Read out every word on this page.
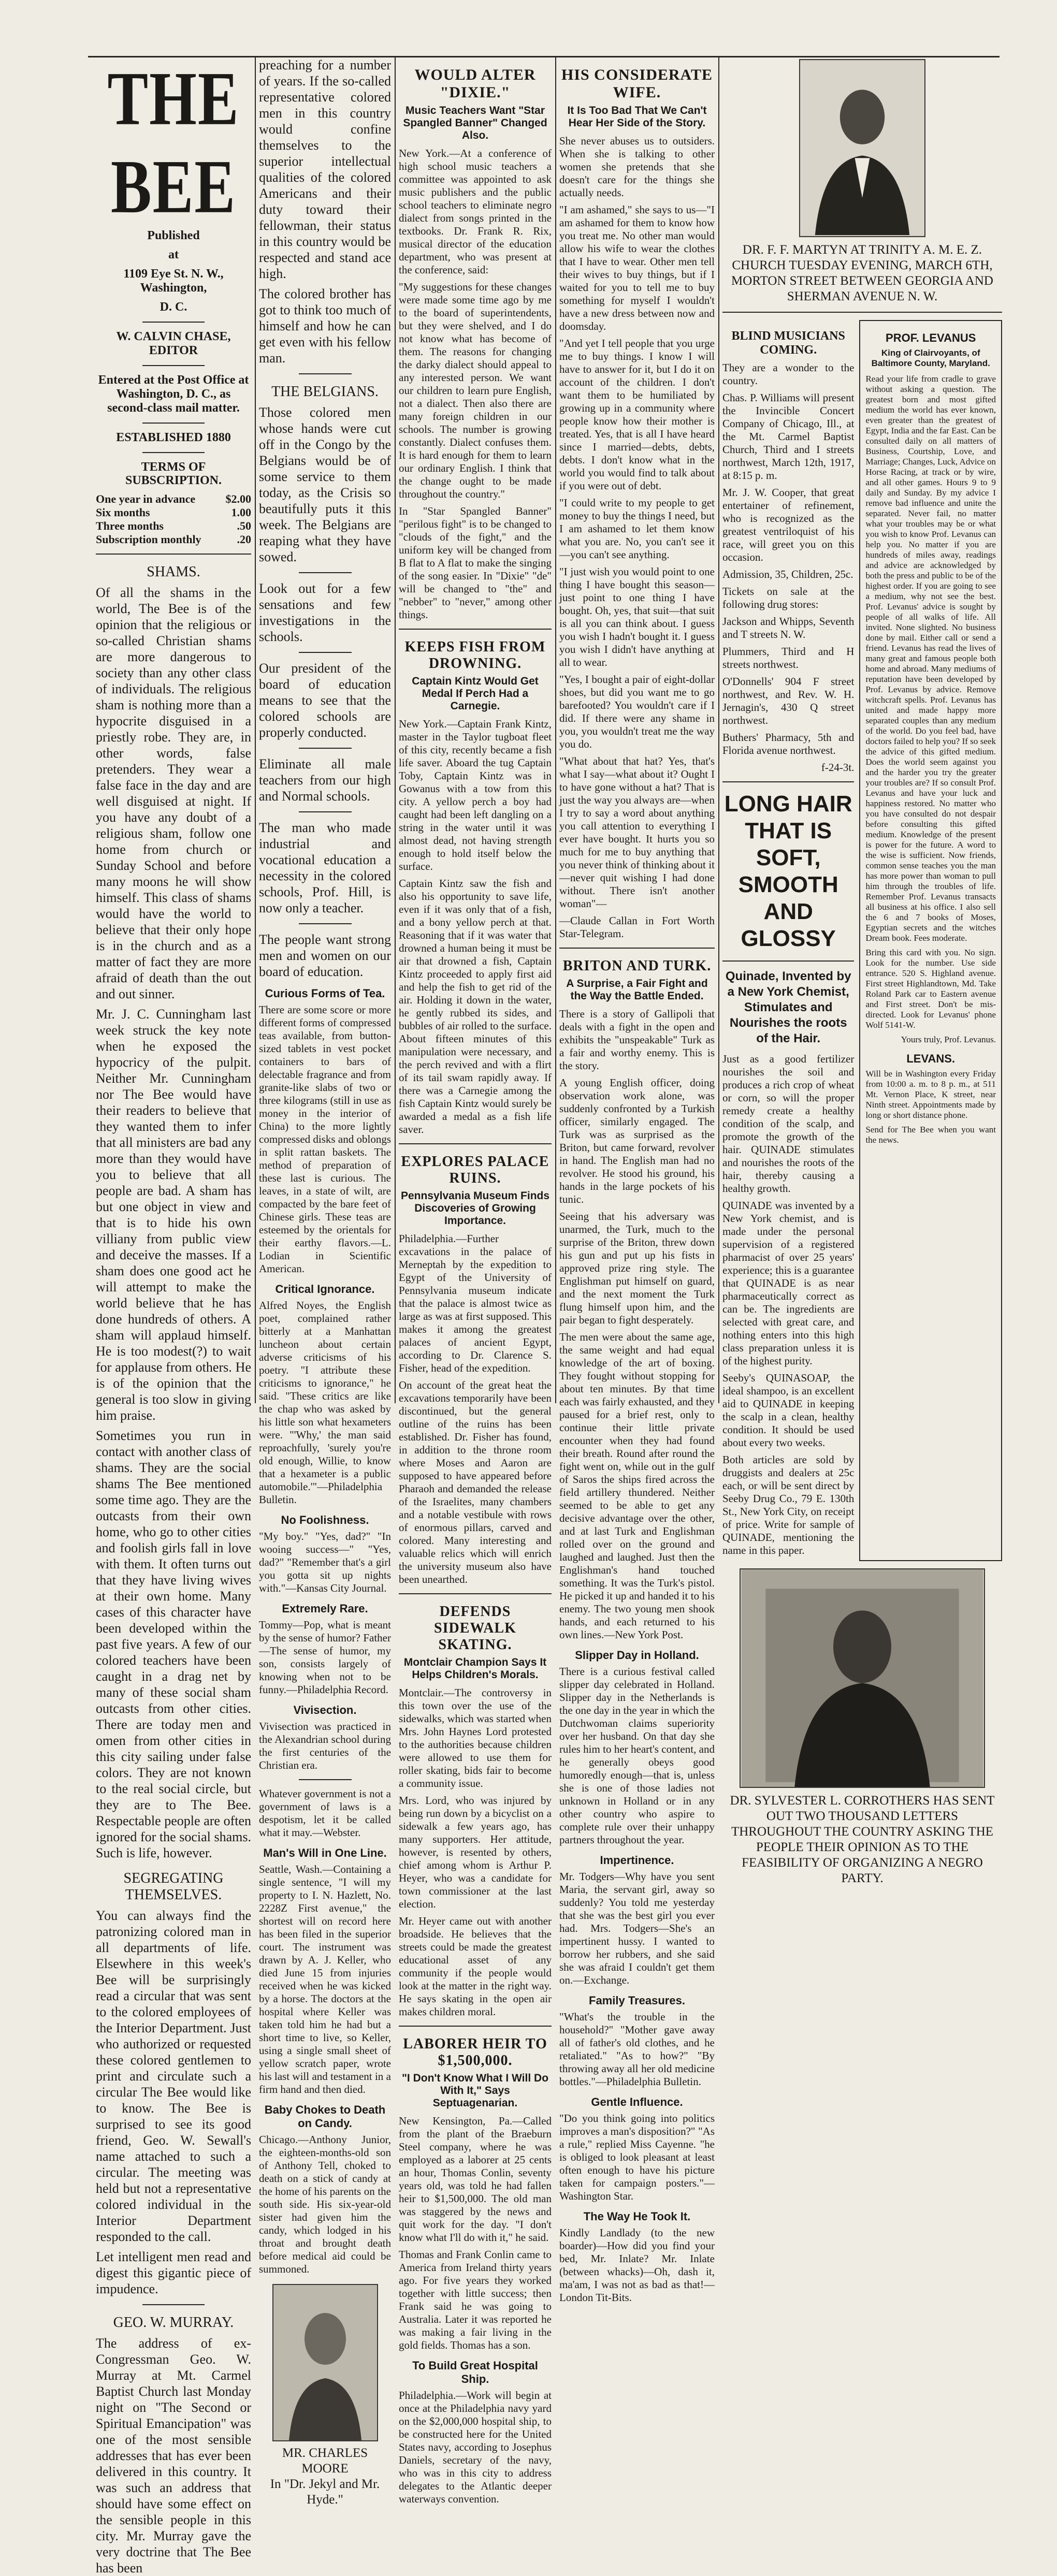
THE BEE
Published
at
1109 Eye St. N. W., Washington,
D. C.
W. CALVIN CHASE, EDITOR
Entered at the Post Office at Washington, D. C., as second-class mail matter.
ESTABLISHED 1880
TERMS OF SUBSCRIPTION.
One year in advance	$2.00
Six months	1.00
Three months	.50
Subscription monthly	.20
SHAMS.

Of all the shams in the world, The Bee is of the opinion that the religious or so-called Christian shams are more dangerous to society than any other class of individuals. The religious sham is nothing more than a hypocrite disguised in a priestly robe. They are, in other words, false pretenders. They wear a false face in the day and are well disguised at night. If you have any doubt of a religious sham, follow one home from church or Sunday School and before many moons he will show himself. This class of shams would have the world to believe that their only hope is in the church and as a matter of fact they are more afraid of death than the out and out sinner.

Mr. J. C. Cunningham last week struck the key note when he exposed the hypocricy of the pulpit. Neither Mr. Cunningham nor The Bee would have their readers to believe that they wanted them to infer that all ministers are bad any more than they would have you to believe that all people are bad. A sham has but one object in view and that is to hide his own villiany from public view and deceive the masses. If a sham does one good act he will attempt to make the world believe that he has done hundreds of others. A sham will applaud himself. He is too modest(?) to wait for applause from others. He is of the opinion that the general is too slow in giving him praise.

Sometimes you run in contact with another class of shams. They are the social shams The Bee mentioned some time ago. They are the outcasts from their own home, who go to other cities and foolish girls fall in love with them. It often turns out that they have living wives at their own home. Many cases of this character have been developed within the past five years. A few of our colored teachers have been caught in a drag net by many of these social sham outcasts from other cities. There are today men and omen from other cities in this city sailing under false colors. They are not known to the real social circle, but they are to The Bee. Respectable people are often ignored for the social shams. Such is life, however.

SEGREGATING THEMSELVES.

You can always find the patronizing colored man in all departments of life. Elsewhere in this week's Bee will be surprisingly read a circular that was sent to the colored employees of the Interior Department. Just who authorized or requested these colored gentlemen to print and circulate such a circular The Bee would like to know. The Bee is surprised to see its good friend, Geo. W. Sewall's name attached to such a circular. The meeting was held but not a representative colored individual in the Interior Department responded to the call.

Let intelligent men read and digest this gigantic piece of impudence.

GEO. W. MURRAY.

The address of ex-Congressman Geo. W. Murray at Mt. Carmel Baptist Church last Monday night on "The Second or Spiritual Emancipation" was one of the most sensible addresses that has ever been delivered in this country. It was such an address that should have some effect on the sensible people in this city. Mr. Murray gave the very doctrine that The Bee has been

preaching for a number of years. If the so-called representative colored men in this country would confine themselves to the superior intellectual qualities of the colored Americans and their duty toward their fellowman, their status in this country would be respected and stand ace high.

The colored brother has got to think too much of himself and how he can get even with his fellow man.

THE BELGIANS.

Those colored men whose hands were cut off in the Congo by the Belgians would be of some service to them today, as the Crisis so beautifully puts it this week. The Belgians are reaping what they have sowed.

Look out for a few sensations and few investigations in the schools.

Our president of the board of education means to see that the colored schools are properly conducted.

Eliminate all male teachers from our high and Normal schools.

The man who made industrial and vocational education a necessity in the colored schools, Prof. Hill, is now only a teacher.

The people want strong men and women on our board of education.

Curious Forms of Tea.

There are some score or more different forms of compressed teas available, from button-sized tablets in vest pocket containers to bars of delectable fragrance and from granite-like slabs of two or three kilograms (still in use as money in the interior of China) to the more lightly compressed disks and oblongs in split rattan baskets. The method of preparation of these last is curious. The leaves, in a state of wilt, are compacted by the bare feet of Chinese girls. These teas are esteemed by the orientals for their earthy flavors.—L. Lodian in Scientific American.

Critical Ignorance.

Alfred Noyes, the English poet, complained rather bitterly at a Manhattan luncheon about certain adverse criticisms of his poetry. "I attribute these criticisms to ignorance," he said. "These critics are like the chap who was asked by his little son what hexameters were. "'Why,' the man said reproachfully, 'surely you're old enough, Willie, to know that a hexameter is a public automobile.'"—Philadelphia Bulletin.

No Foolishness.

"My boy." "Yes, dad?" "In wooing success—" "Yes, dad?" "Remember that's a girl you gotta sit up nights with."—Kansas City Journal.

Extremely Rare.

Tommy—Pop, what is meant by the sense of humor? Father—The sense of humor, my son, consists largely of knowing when not to be funny.—Philadelphia Record.

Vivisection.

Vivisection was practiced in the Alexandrian school during the first centuries of the Christian era.

Whatever government is not a government of laws is a despotism, let it be called what it may.—Webster.

Man's Will in One Line.

Seattle, Wash.—Containing a single sentence, "I will my property to I. N. Hazlett, No. 2228Z First avenue," the shortest will on record here has been filed in the superior court. The instrument was drawn by A. J. Keller, who died June 15 from injuries received when he was kicked by a horse. The doctors at the hospital where Keller was taken told him he had but a short time to live, so Keller, using a single small sheet of yellow scratch paper, wrote his last will and testament in a firm hand and then died.

Baby Chokes to Death on Candy.

Chicago.—Anthony Junior, the eighteen-months-old son of Anthony Tell, choked to death on a stick of candy at the home of his parents on the south side. His six-year-old sister had given him the candy, which lodged in his throat and brought death before medical aid could be summoned.

MR. CHARLES MOORE
In "Dr. Jekyl and Mr. Hyde."
WOULD ALTER "DIXIE."
Music Teachers Want "Star Spangled Banner" Changed Also.

New York.—At a conference of high school music teachers a committee was appointed to ask music publishers and the public school teachers to eliminate negro dialect from songs printed in the textbooks. Dr. Frank R. Rix, musical director of the education department, who was present at the conference, said:

"My suggestions for these changes were made some time ago by me to the board of superintendents, but they were shelved, and I do not know what has become of them. The reasons for changing the darky dialect should appeal to any interested person. We want our children to learn pure English, not a dialect. Then also there are many foreign children in our schools. The number is growing constantly. Dialect confuses them. It is hard enough for them to learn our ordinary English. I think that the change ought to be made throughout the country."

In "Star Spangled Banner" "perilous fight" is to be changed to "clouds of the fight," and the uniform key will be changed from B flat to A flat to make the singing of the song easier. In "Dixie" "de" will be changed to "the" and "nebber" to "never," among other things.

KEEPS FISH FROM DROWNING.
Captain Kintz Would Get Medal If Perch Had a Carnegie.

New York.—Captain Frank Kintz, master in the Taylor tugboat fleet of this city, recently became a fish life saver. Aboard the tug Captain Toby, Captain Kintz was in Gowanus with a tow from this city. A yellow perch a boy had caught had been left dangling on a string in the water until it was almost dead, not having strength enough to hold itself below the surface.

Captain Kintz saw the fish and also his opportunity to save life, even if it was only that of a fish, and a bony yellow perch at that. Reasoning that if it was water that drowned a human being it must be air that drowned a fish, Captain Kintz proceeded to apply first aid and help the fish to get rid of the air. Holding it down in the water, he gently rubbed its sides, and bubbles of air rolled to the surface. About fifteen minutes of this manipulation were necessary, and the perch revived and with a flirt of its tail swam rapidly away. If there was a Carnegie among the fish Captain Kintz would surely be awarded a medal as a fish life saver.

EXPLORES PALACE RUINS.
Pennsylvania Museum Finds Discoveries of Growing Importance.

Philadelphia.—Further excavations in the palace of Merneptah by the expedition to Egypt of the University of Pennsylvania museum indicate that the palace is almost twice as large as was at first supposed. This makes it among the greatest palaces of ancient Egypt, according to Dr. Clarence S. Fisher, head of the expedition.

On account of the great heat the excavations temporarily have been discontinued, but the general outline of the ruins has been established. Dr. Fisher has found, in addition to the throne room where Moses and Aaron are supposed to have appeared before Pharaoh and demanded the release of the Israelites, many chambers and a notable vestibule with rows of enormous pillars, carved and colored. Many interesting and valuable relics which will enrich the university museum also have been unearthed.

DEFENDS SIDEWALK SKATING.
Montclair Champion Says It Helps Children's Morals.

Montclair.—The controversy in this town over the use of the sidewalks, which was started when Mrs. John Haynes Lord protested to the authorities because children were allowed to use them for roller skating, bids fair to become a community issue.

Mrs. Lord, who was injured by being run down by a bicyclist on a sidewalk a few years ago, has many supporters. Her attitude, however, is resented by others, chief among whom is Arthur P. Heyer, who was a candidate for town commissioner at the last election.

Mr. Heyer came out with another broadside. He believes that the streets could be made the greatest educational asset of any community if the people would look at the matter in the right way. He says skating in the open air makes children moral.

LABORER HEIR TO $1,500,000.
"I Don't Know What I Will Do With It," Says Septuagenarian.

New Kensington, Pa.—Called from the plant of the Braeburn Steel company, where he was employed as a laborer at 25 cents an hour, Thomas Conlin, seventy years old, was told he had fallen heir to $1,500,000. The old man was staggered by the news and quit work for the day. "I don't know what I'll do with it," he said.

Thomas and Frank Conlin came to America from Ireland thirty years ago. For five years they worked together with little success; then Frank said he was going to Australia. Later it was reported he was making a fair living in the gold fields. Thomas has a son.

To Build Great Hospital Ship.

Philadelphia.—Work will begin at once at the Philadelphia navy yard on the $2,000,000 hospital ship, to be constructed here for the United States navy, according to Josephus Daniels, secretary of the navy, who was in this city to address delegates to the Atlantic deeper waterways convention.

HIS CONSIDERATE WIFE.
It Is Too Bad That We Can't Hear Her Side of the Story.

She never abuses us to outsiders. When she is talking to other women she pretends that she doesn't care for the things she actually needs.

"I am ashamed," she says to us—"I am ashamed for them to know how you treat me. No other man would allow his wife to wear the clothes that I have to wear. Other men tell their wives to buy things, but if I waited for you to tell me to buy something for myself I wouldn't have a new dress between now and doomsday.

"And yet I tell people that you urge me to buy things. I know I will have to answer for it, but I do it on account of the children. I don't want them to be humiliated by growing up in a community where people know how their mother is treated. Yes, that is all I have heard since I married—debts, debts, debts. I don't know what in the world you would find to talk about if you were out of debt.

"I could write to my people to get money to buy the things I need, but I am ashamed to let them know what you are. No, you can't see it—you can't see anything.

"I just wish you would point to one thing I have bought this season—just point to one thing I have bought. Oh, yes, that suit—that suit is all you can think about. I guess you wish I hadn't bought it. I guess you wish I didn't have anything at all to wear.

"Yes, I bought a pair of eight-dollar shoes, but did you want me to go barefooted? You wouldn't care if I did. If there were any shame in you, you wouldn't treat me the way you do.

"What about that hat? Yes, that's what I say—what about it? Ought I to have gone without a hat? That is just the way you always are—when I try to say a word about anything you call attention to everything I ever have bought. It hurts you so much for me to buy anything that you never think of thinking about it—never quit wishing I had done without. There isn't another woman"—

—Claude Callan in Fort Worth Star-Telegram.

BRITON AND TURK.
A Surprise, a Fair Fight and the Way the Battle Ended.

There is a story of Gallipoli that deals with a fight in the open and exhibits the "unspeakable" Turk as a fair and worthy enemy. This is the story.

A young English officer, doing observation work alone, was suddenly confronted by a Turkish officer, similarly engaged. The Turk was as surprised as the Briton, but came forward, revolver in hand. The English man had no revolver. He stood his ground, his hands in the large pockets of his tunic.

Seeing that his adversary was unarmed, the Turk, much to the surprise of the Briton, threw down his gun and put up his fists in approved prize ring style. The Englishman put himself on guard, and the next moment the Turk flung himself upon him, and the pair began to fight desperately.

The men were about the same age, the same weight and had equal knowledge of the art of boxing. They fought without stopping for about ten minutes. By that time each was fairly exhausted, and they paused for a brief rest, only to continue their little private encounter when they had found their breath. Round after round the fight went on, while out in the gulf of Saros the ships fired across the field artillery thundered. Neither seemed to be able to get any decisive advantage over the other, and at last Turk and Englishman rolled over on the ground and laughed and laughed. Just then the Englishman's hand touched something. It was the Turk's pistol. He picked it up and handed it to his enemy. The two young men shook hands, and each returned to his own lines.—New York Post.

Slipper Day in Holland.

There is a curious festival called slipper day celebrated in Holland. Slipper day in the Netherlands is the one day in the year in which the Dutchwoman claims superiority over her husband. On that day she rules him to her heart's content, and he generally obeys good humoredly enough—that is, unless she is one of those ladies not unknown in Holland or in any other country who aspire to complete rule over their unhappy partners throughout the year.

Impertinence.

Mr. Todgers—Why have you sent Maria, the servant girl, away so suddenly? You told me yesterday that she was the best girl you ever had. Mrs. Todgers—She's an impertinent hussy. I wanted to borrow her rubbers, and she said she was afraid I couldn't get them on.—Exchange.

Family Treasures.

"What's the trouble in the household?" "Mother gave away all of father's old clothes, and he retaliated." "As to how?" "By throwing away all her old medicine bottles."—Philadelphia Bulletin.

Gentle Influence.

"Do you think going into politics improves a man's disposition?" "As a rule," replied Miss Cayenne. "he is obliged to look pleasant at least often enough to have his picture taken for campaign posters."—Washington Star.

The Way He Took It.

Kindly Landlady (to the new boarder)—How did you find your bed, Mr. Inlate? Mr. Inlate (between whacks)—Oh, dash it, ma'am, I was not as bad as that!—London Tit-Bits.

DR. F. F. MARTYN AT TRINITY A. M. E. Z. CHURCH TUESDAY EVENING, MARCH 6TH, MORTON STREET BETWEEN GEORGIA AND SHERMAN AVENUE N. W.
BLIND MUSICIANS COMING.

They are a wonder to the country.

Chas. P. Williams will present the Invincible Concert Company of Chicago, Ill., at the Mt. Carmel Baptist Church, Third and I streets northwest, March 12th, 1917, at 8:15 p. m.

Mr. J. W. Cooper, that great entertainer of refinement, who is recognized as the greatest ventriloquist of his race, will greet you on this occasion.

Admission, 35, Children, 25c.

Tickets on sale at the following drug stores:

Jackson and Whipps, Seventh and T streets N. W.

Plummers, Third and H streets northwest.

O'Donnells' 904 F street northwest, and Rev. W. H. Jernagin's, 430 Q street northwest.

Buthers' Pharmacy, 5th and Florida avenue northwest.

f-24-3t.

LONG HAIR THAT IS SOFT, SMOOTH AND GLOSSY
Quinade, Invented by a New York Chemist, Stimulates and Nourishes the roots of the Hair.

Just as a good fertilizer nourishes the soil and produces a rich crop of wheat or corn, so will the proper remedy create a healthy condition of the scalp, and promote the growth of the hair. QUINADE stimulates and nourishes the roots of the hair, thereby causing a healthy growth.

QUINADE was invented by a New York chemist, and is made under the personal supervision of a registered pharmacist of over 25 years' experience; this is a guarantee that QUINADE is as near pharmaceutically correct as can be. The ingredients are selected with great care, and nothing enters into this high class preparation unless it is of the highest purity.

Seeby's QUINASOAP, the ideal shampoo, is an excellent aid to QUINADE in keeping the scalp in a clean, healthy condition. It should be used about every two weeks.

Both articles are sold by druggists and dealers at 25c each, or will be sent direct by Seeby Drug Co., 79 E. 130th St., New York City, on receipt of price. Write for sample of QUINADE, mentioning the name in this paper.

PROF. LEVANUS
King of Clairvoyants, of Baltimore County, Maryland.

Read your life from cradle to grave without asking a question. The greatest born and most gifted medium the world has ever known, even greater than the greatest of Egypt, India and the far East. Can be consulted daily on all matters of Business, Courtship, Love, and Marriage; Changes, Luck, Advice on Horse Racing, at track or by wire, and all other games. Hours 9 to 9 daily and Sunday. By my advice I remove bad influence and unite the separated. Never fail, no matter what your troubles may be or what you wish to know Prof. Levanus can help you. No matter if you are hundreds of miles away, readings and advice are acknowledged by both the press and public to be of the highest order. If you are going to see a medium, why not see the best. Prof. Levanus' advice is sought by people of all walks of life. All invited. None slighted. No business done by mail. Either call or send a friend. Levanus has read the lives of many great and famous people both home and abroad. Many mediums of reputation have been developed by Prof. Levanus by advice. Remove witchcraft spells. Prof. Levanus has united and made happy more separated couples than any medium of the world. Do you feel bad, have doctors failed to help you? If so seek the advice of this gifted medium. Does the world seem against you and the harder you try the greater your troubles are? If so consult Prof. Levanus and have your luck and happiness restored. No matter who you have consulted do not despair before consulting this gifted medium. Knowledge of the present is power for the future. A word to the wise is sufficient. Now friends, common sense teaches you the man has more power than woman to pull him through the troubles of life. Remember Prof. Levanus transacts all business at his office. I also sell the 6 and 7 books of Moses, Egyptian secrets and the witches Dream book. Fees moderate.

Bring this card with you. No sign. Look for the number. Use side entrance. 520 S. Highland avenue. First street Highlandtown, Md. Take Roland Park car to Eastern avenue and First street. Don't be mis-directed. Look for Levanus' phone Wolf 5141-W.

Yours truly, Prof. Levanus.

LEVANS.

Will be in Washington every Friday from 10:00 a. m. to 8 p. m., at 511 Mt. Vernon Place, K street, near Ninth street. Appointments made by long or short distance phone.

Send for The Bee when you want the news.

DR. SYLVESTER L. CORROTHERS HAS SENT OUT TWO THOUSAND LETTERS THROUGHOUT THE COUNTRY ASKING THE PEOPLE THEIR OPINION AS TO THE FEASIBILITY OF ORGANIZING A NEGRO PARTY.
